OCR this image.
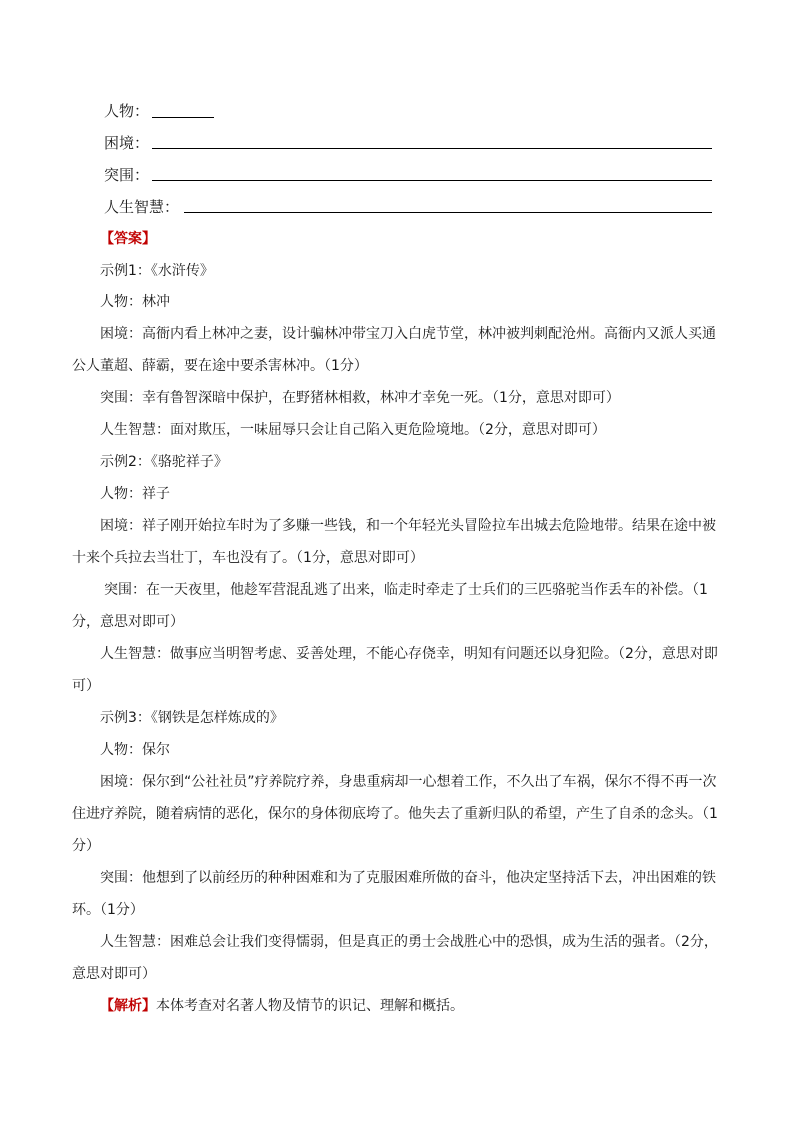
人物：
困境：
突围：
人生智慧：
【答案】
示例1：《水浒传》
人物：林冲
困境：高衙内看上林冲之妻，设计骗林冲带宝刀入白虎节堂，林冲被判刺配沧州。高衙内又派人买通公人董超、薛霸，要在途中要杀害林冲。（1分）
突围：幸有鲁智深暗中保护，在野猪林相救，林冲才幸免一死。（1分，意思对即可）
人生智慧：面对欺压，一味屈辱只会让自己陷入更危险境地。（2分，意思对即可）
示例2：《骆驼祥子》
人物：祥子
困境：祥子刚开始拉车时为了多赚一些钱，和一个年轻光头冒险拉车出城去危险地带。结果在途中被十来个兵拉去当壮丁，车也没有了。（1分，意思对即可）
突围：在一天夜里，他趁军营混乱逃了出来，临走时牵走了士兵们的三匹骆驼当作丢车的补偿。（1分，意思对即可）
人生智慧：做事应当明智考虑、妥善处理，不能心存侥幸，明知有问题还以身犯险。（2分，意思对即可）
示例3：《钢铁是怎样炼成的》
人物：保尔
困境：保尔到“公社社员”疗养院疗养，身患重病却一心想着工作，不久出了车祸，保尔不得不再一次住进疗养院，随着病情的恶化，保尔的身体彻底垮了。他失去了重新归队的希望，产生了自杀的念头。（1分）
突围：他想到了以前经历的种种困难和为了克服困难所做的奋斗，他决定坚持活下去，冲出困难的铁环。（1分）
人生智慧：困难总会让我们变得懦弱，但是真正的勇士会战胜心中的恐惧，成为生活的强者。（2分，意思对即可）
【解析】本体考查对名著人物及情节的识记、理解和概括。
